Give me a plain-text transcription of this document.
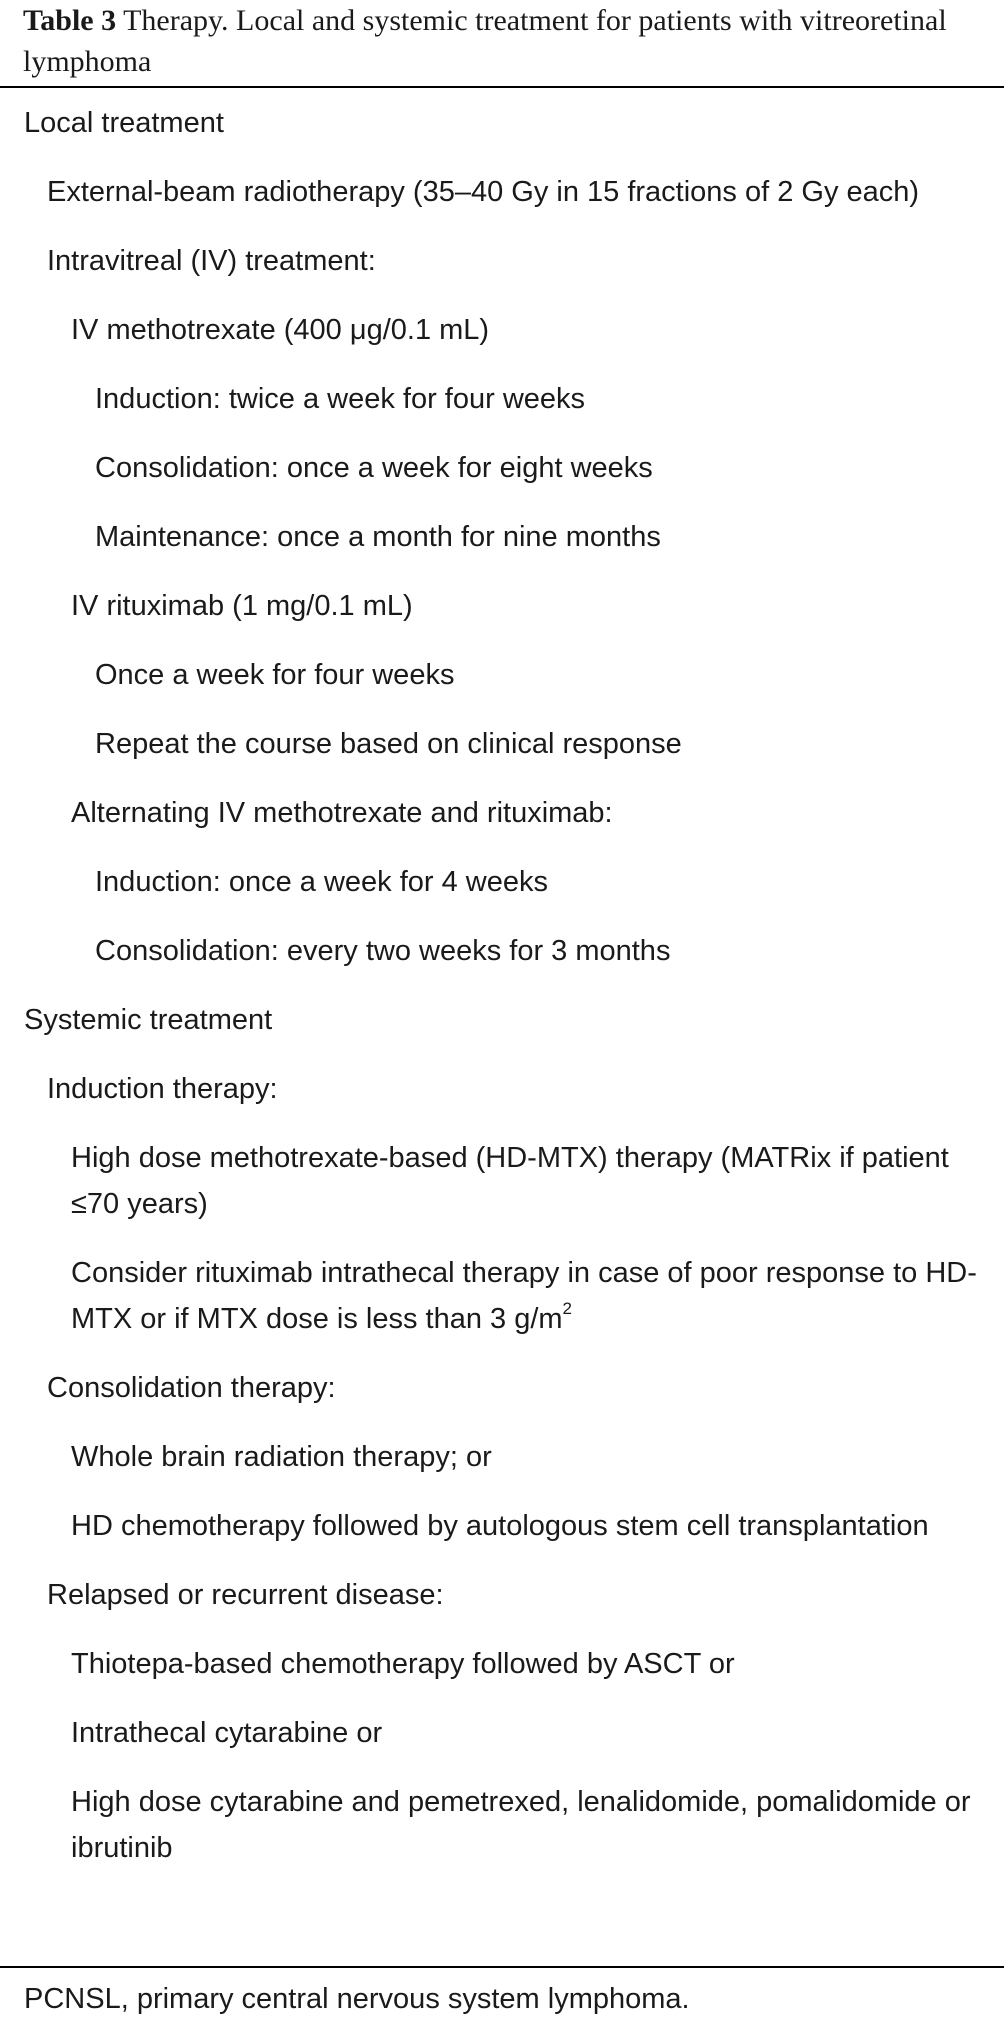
Table 3 Therapy. Local and systemic treatment for patients with vitreoretinal lymphoma
Local treatment
External-beam radiotherapy (35–40 Gy in 15 fractions of 2 Gy each)
Intravitreal (IV) treatment:
IV methotrexate (400 μg/0.1 mL)
Induction: twice a week for four weeks
Consolidation: once a week for eight weeks
Maintenance: once a month for nine months
IV rituximab (1 mg/0.1 mL)
Once a week for four weeks
Repeat the course based on clinical response
Alternating IV methotrexate and rituximab:
Induction: once a week for 4 weeks
Consolidation: every two weeks for 3 months
Systemic treatment
Induction therapy:
High dose methotrexate-based (HD-MTX) therapy (MATRix if patient ≤70 years)
Consider rituximab intrathecal therapy in case of poor response to HD-MTX or if MTX dose is less than 3 $g/m^2$
Consolidation therapy:
Whole brain radiation therapy; or
HD chemotherapy followed by autologous stem cell transplantation
Relapsed or recurrent disease:
Thiotepa-based chemotherapy followed by ASCT or
Intrathecal cytarabine or
High dose cytarabine and pemetrexed, lenalidomide, pomalidomide or ibrutinib
PCNSL, primary central nervous system lymphoma.
